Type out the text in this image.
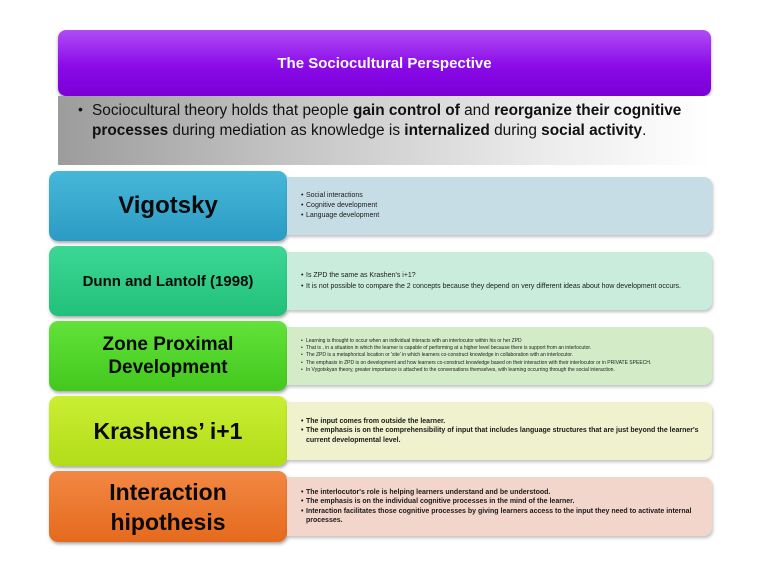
The Sociocultural Perspective
• Sociocultural theory holds that people gain control of and reorganize their cognitive processes during mediation as knowledge is internalized during social activity.
Vigotsky	• Social interactions
• Cognitive development
• Language development
Dunn and Lantolf (1998)	• Is ZPD the same as Krashen's i+1?
• It is not possible to compare the 2 concepts because they depend on very different ideas about how development occurs.
Zone Proximal
Development
• Learning is thought to occur when an individual interacts with an interlocutor within his or her ZPD
• That is , in a situation in which the learner is capable of performing at a higher level because there is support from an interlocutor.
• The ZPD is a metaphorical location or 'site' in which learners co-construct knowledge in collaboration with an interlocutor.
• The emphasis in ZPD is on development and how learners co-construct knowledge based on their interaction with their interlocutor or in PRIVATE SPEECH.
• In Vygotskyan theory, greater importance is attached to the conversations themselves, with learning occurring through the social interaction.
Krashens’ i+1	• The input comes from outside the learner.
• The emphasis is on the comprehensibility of input that includes language structures that are just beyond the learner's current developmental level.
Interaction
hipothesis
• The interlocutor's role is helping learners understand and be understood.
• The emphasis is on the individual cognitive processes in the mind of the learner.
• Interaction facilitates those cognitive processes by giving learners access to the input they need to activate internal processes.
